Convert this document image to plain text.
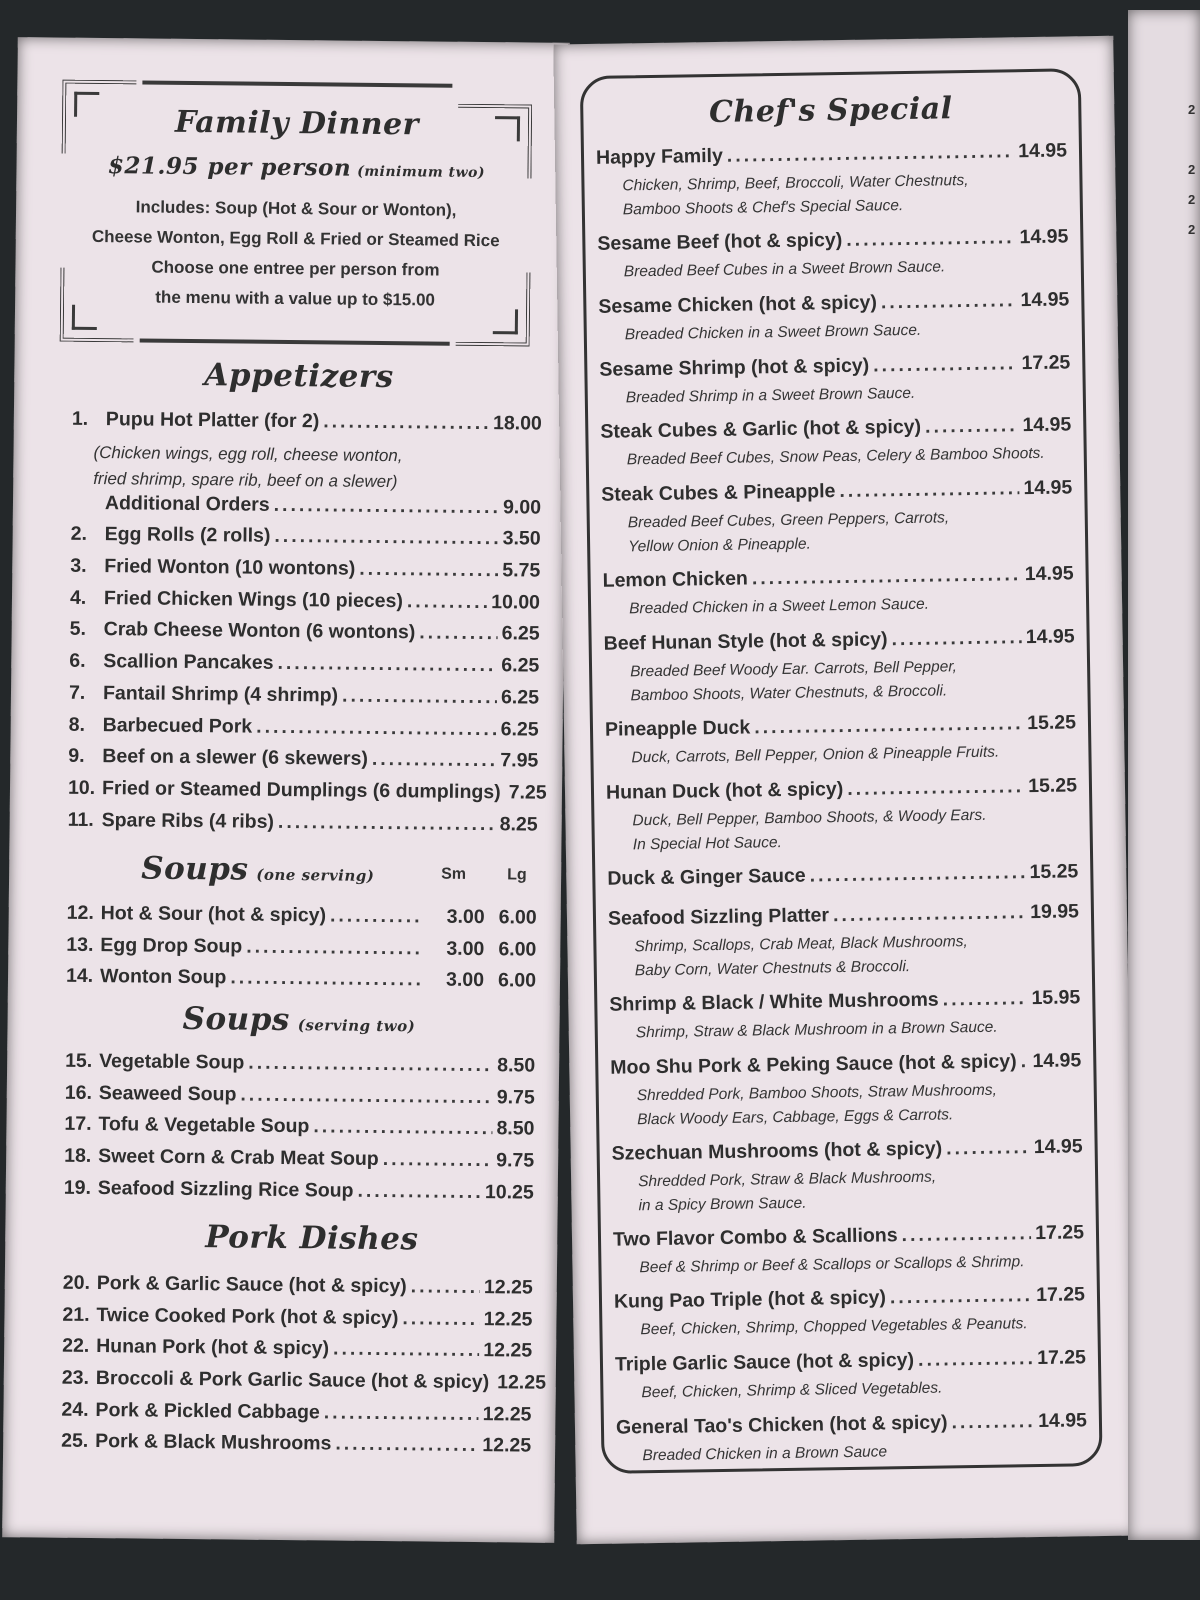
Family Dinner
$21.95 per person (minimum two)
Includes: Soup (Hot & Sour or Wonton),
Cheese Wonton, Egg Roll & Fried or Steamed Rice
Choose one entree per person from
the menu with a value up to $15.00
Appetizers
1. Pupu Hot Platter (for 2) .....	18.00
(Chicken wings, egg roll, cheese wonton,
fried shrimp, spare rib, beef on a slewer)
Additional Orders .....	9.00
2. Egg Rolls (2 rolls) .....	3.50
3. Fried Wonton (10 wontons) .....	5.75
4. Fried Chicken Wings (10 pieces) .....	10.00
5. Crab Cheese Wonton (6 wontons) .....	6.25
6. Scallion Pancakes .....	6.25
7. Fantail Shrimp (4 shrimp) .....	6.25
8. Barbecued Pork .....	6.25
9. Beef on a slewer (6 skewers) .....	7.95
10. Fried or Steamed Dumplings (6 dumplings) ..... 7.25
11. Spare Ribs (4 ribs) .....	8.25
Soups (one serving)	Sm	Lg
12. Hot & Sour (hot & spicy) .....	3.00 6.00
13. Egg Drop Soup .....	3.00 6.00
14. Wonton Soup .....	3.00 6.00
Soups (serving two)
15. Vegetable Soup .....	8.50
16. Seaweed Soup .....	9.75
17. Tofu & Vegetable Soup .....	8.50
18. Sweet Corn & Crab Meat Soup .....	9.75
19. Seafood Sizzling Rice Soup .....	10.25
Pork Dishes
20. Pork & Garlic Sauce (hot & spicy) .....	12.25
21. Twice Cooked Pork (hot & spicy) .....	12.25
22. Hunan Pork (hot & spicy) .....	12.25
23. Broccoli & Pork Garlic Sauce (hot & spicy) ..... 12.25
24. Pork & Pickled Cabbage .....	12.25
25. Pork & Black Mushrooms .....	12.25
Chef's Special
Happy Family .....	14.95
Chicken, Shrimp, Beef, Broccoli, Water Chestnuts,
Bamboo Shoots & Chef's Special Sauce.
Sesame Beef (hot & spicy) .....	14.95
Breaded Beef Cubes in a Sweet Brown Sauce.
Sesame Chicken (hot & spicy) .....	14.95
Breaded Chicken in a Sweet Brown Sauce.
Sesame Shrimp (hot & spicy) .....	17.25
Breaded Shrimp in a Sweet Brown Sauce.
Steak Cubes & Garlic (hot & spicy) .....	14.95
Breaded Beef Cubes, Snow Peas, Celery & Bamboo Shoots.
Steak Cubes & Pineapple .....	14.95
Breaded Beef Cubes, Green Peppers, Carrots,
Yellow Onion & Pineapple.
Lemon Chicken .....	14.95
Breaded Chicken in a Sweet Lemon Sauce.
Beef Hunan Style (hot & spicy) .....	14.95
Breaded Beef Woody Ear. Carrots, Bell Pepper,
Bamboo Shoots, Water Chestnuts, & Broccoli.
Pineapple Duck .....	15.25
Duck, Carrots, Bell Pepper, Onion & Pineapple Fruits.
Hunan Duck (hot & spicy) .....	15.25
Duck, Bell Pepper, Bamboo Shoots, & Woody Ears.
In Special Hot Sauce.
Duck & Ginger Sauce .....	15.25
Seafood Sizzling Platter .....	19.95
Shrimp, Scallops, Crab Meat, Black Mushrooms,
Baby Corn, Water Chestnuts & Broccoli.
Shrimp & Black / White Mushrooms .....	15.95
Shrimp, Straw & Black Mushroom in a Brown Sauce.
Moo Shu Pork & Peking Sauce (hot & spicy) ..... 14.95
Shredded Pork, Bamboo Shoots, Straw Mushrooms,
Black Woody Ears, Cabbage, Eggs & Carrots.
Szechuan Mushrooms (hot & spicy) .....	14.95
Shredded Pork, Straw & Black Mushrooms,
in a Spicy Brown Sauce.
Two Flavor Combo & Scallions .....	17.25
Beef & Shrimp or Beef & Scallops or Scallops & Shrimp.
Kung Pao Triple (hot & spicy) .....	17.25
Beef, Chicken, Shrimp, Chopped Vegetables & Peanuts.
Triple Garlic Sauce (hot & spicy) .....	17.25
Beef, Chicken, Shrimp & Sliced Vegetables.
General Tao's Chicken (hot & spicy) .....	14.95
Breaded Chicken in a Brown Sauce
2
2
2
2
